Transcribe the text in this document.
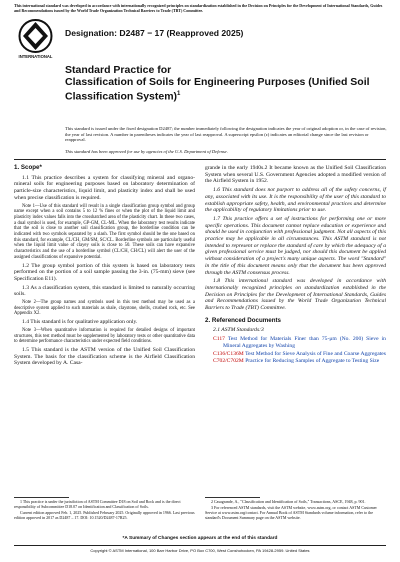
This international standard was developed in accordance with internationally recognized principles on standardization established in the Decision on Principles for the Development of International Standards, Guides and Recommendations issued by the World Trade Organization Technical Barriers to Trade (TBT) Committee.
INTERNATIONAL
Designation: D2487 − 17 (Reapproved 2025)
Standard Practice for
Classification of Soils for Engineering Purposes (Unified Soil Classification System)$^1$
This standard is issued under the fixed designation D2487; the number immediately following the designation indicates the year of original adoption or, in the case of revision, the year of last revision. A number in parentheses indicates the year of last reapproval. A superscript epsilon (ε) indicates an editorial change since the last revision or reapproval.
This standard has been approved for use by agencies of the U.S. Department of Defense.
1. Scope*

1.1 This practice describes a system for classifying mineral and organo-mineral soils for engineering purposes based on laboratory determination of particle-size characteristics, liquid limit, and plasticity index and shall be used when precise classification is required.

Note 1—Use of this standard will result in a single classification group symbol and group name except when a soil contains 5 to 12 % fines or when the plot of the liquid limit and plasticity index values falls into the crosshatched area of the plasticity chart. In these two cases, a dual symbol is used, for example, GP-GM, CL-ML. When the laboratory test results indicate that the soil is close to another soil classification group, the borderline condition can be indicated with two symbols separated by a slash. The first symbol should be the one based on this standard, for example, CL/CH, GM/SM, SC/CL. Borderline symbols are particularly useful when the liquid limit value of clayey soils is close to 50. These soils can have expansive characteristics and the use of a borderline symbol (CL/CH, CH/CL) will alert the user of the assigned classifications of expansive potential.

1.2 The group symbol portion of this system is based on laboratory tests performed on the portion of a soil sample passing the 3-in. (75-mm) sieve (see Specification E11).

1.3 As a classification system, this standard is limited to naturally occurring soils.

Note 2—The group names and symbols used in this test method may be used as a descriptive system applied to such materials as shale, claystone, shells, crushed rock, etc. See Appendix X2.

1.4 This standard is for qualitative application only.

Note 3—When quantitative information is required for detailed designs of important structures, this test method must be supplemented by laboratory tests or other quantitative data to determine performance characteristics under expected field conditions.

1.5 This standard is the ASTM version of the Unified Soil Classification System. The basis for the classification scheme is the Airfield Classification System developed by A. Casa-

1 This practice is under the jurisdiction of ASTM Committee D18 on Soil and Rock and is the direct responsibility of Subcommittee D18.07 on Identification and Classification of Soils.

Current edition approved Feb. 1, 2025. Published February 2025. Originally approved in 1966. Last previous edition approved in 2017 as D2487 – 17. DOI: 10.1520/D2487-17R25.

grande in the early 1940s.2 It became known as the Unified Soil Classification System when several U.S. Government Agencies adopted a modified version of the Airfield System in 1952.

1.6 This standard does not purport to address all of the safety concerns, if any, associated with its use. It is the responsibility of the user of this standard to establish appropriate safety, health, and environmental practices and determine the applicability of regulatory limitations prior to use.

1.7 This practice offers a set of instructions for performing one or more specific operations. This document cannot replace education or experience and should be used in conjunction with professional judgment. Not all aspects of this practice may be applicable in all circumstances. This ASTM standard is not intended to represent or replace the standard of care by which the adequacy of a given professional service must be judged, nor should this document be applied without consideration of a project's many unique aspects. The word "Standard" in the title of this document means only that the document has been approved through the ASTM consensus process.

1.8 This international standard was developed in accordance with internationally recognized principles on standardization established in the Decision on Principles for the Development of International Standards, Guides and Recommendations issued by the World Trade Organization Technical Barriers to Trade (TBT) Committee.

2. Referenced Documents

2.1 ASTM Standards:3

C117 Test Method for Materials Finer than 75-μm (No. 200) Sieve in Mineral Aggregates by Washing
C136/C136M Test Method for Sieve Analysis of Fine and Coarse Aggregates
C702/C702M Practice for Reducing Samples of Aggregate to Testing Size

2 Casagrande, A., "Classification and Identification of Soils," Transactions, ASCE, 1948, p. 901.

3 For referenced ASTM standards, visit the ASTM website, www.astm.org, or contact ASTM Customer Service at www.astm.org/contact. For Annual Book of ASTM Standards volume information, refer to the standard's Document Summary page on the ASTM website.

*A Summary of Changes section appears at the end of this standard
Copyright © ASTM International, 100 Barr Harbor Drive, PO Box C700, West Conshohocken, PA 19428-2959. United States
